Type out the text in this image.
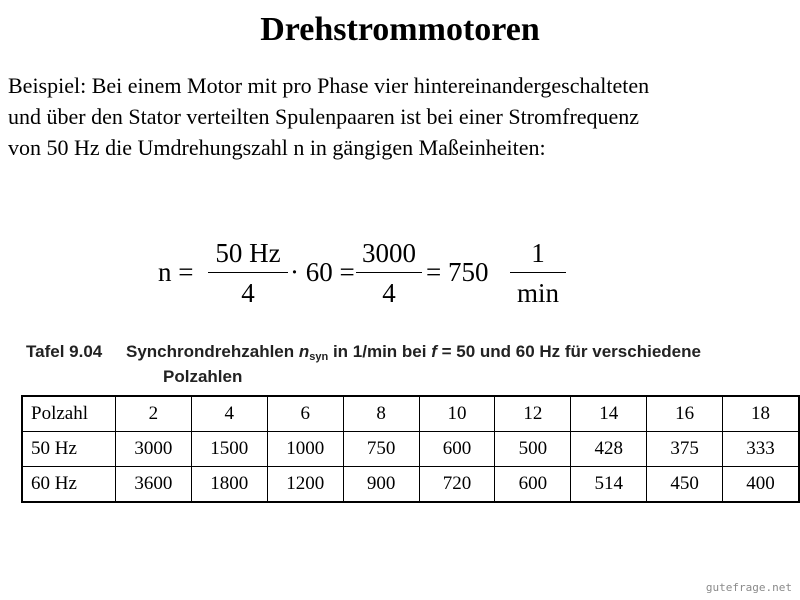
Drehstrommotoren
Beispiel: Bei einem Motor mit pro Phase vier hintereinandergeschalteten
und über den Stator verteilten Spulenpaaren ist bei einer Stromfrequenz
von 50 Hz die Umdrehungszahl n in gängigen Maßeinheiten:
n =
50 Hz
4
· 60 =
3000
4
= 750
1
min
Tafel 9.04 Synchrondrehzahlen $n_{syn}$ in 1/min bei f = 50 und 60 Hz für verschiedene
Polzahlen
Polzahl	2	4	6	8	10	12	14	16	18
50 Hz	3000	1500	1000	750	600	500	428	375	333
60 Hz	3600	1800	1200	900	720	600	514	450	400
gutefrage.net
